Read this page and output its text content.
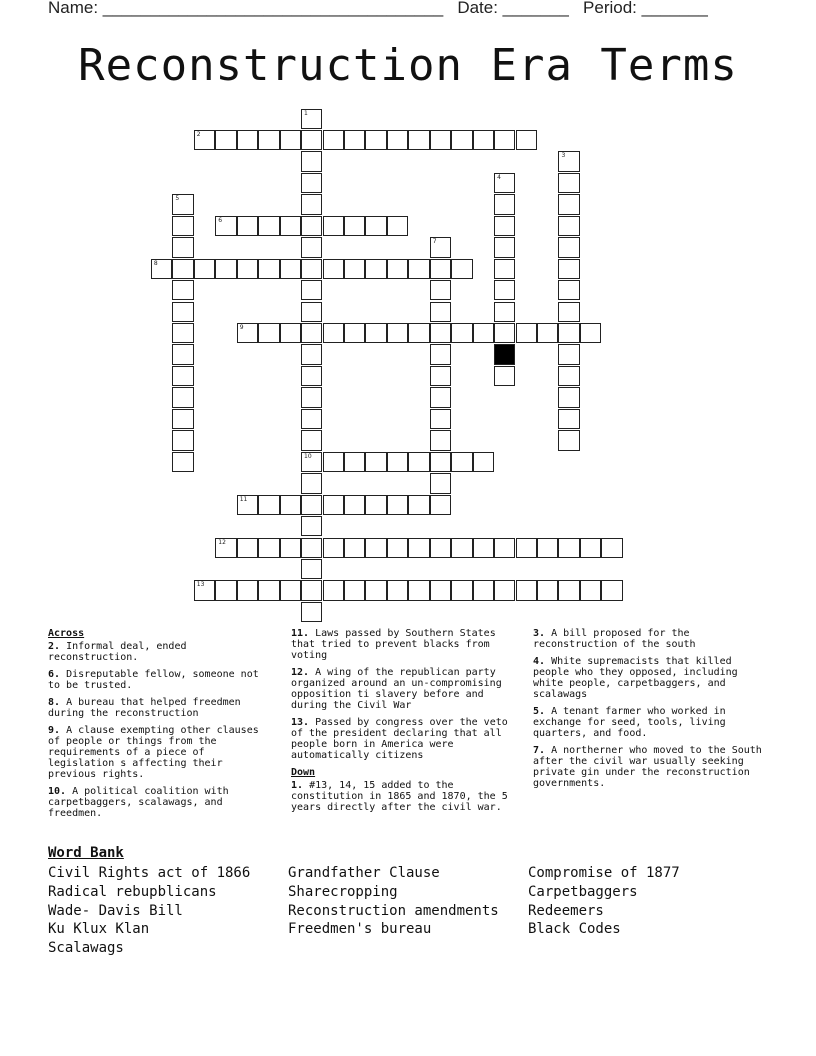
Name: ____________________________________   Date: _______   Period: _______
Reconstruction Era Terms
1
10
2
3
4
5
6
7
8
9
11
12
13
Across
2. Informal deal, ended reconstruction.
6. Disreputable fellow, someone not to be trusted.
8. A bureau that helped freedmen during the reconstruction
9. A clause exempting other clauses of people or things from the requirements of a piece of legislation s affecting their previous rights.
10. A political coalition with carpetbaggers, scalawags, and freedmen.
11. Laws passed by Southern States that tried to prevent blacks from voting
12. A wing of the republican party organized around an un-compromising opposition ti slavery before and during the Civil War
13. Passed by congress over the veto of the president declaring that all people born in America were automatically citizens
Down
1. #13, 14, 15 added to the constitution in 1865 and 1870, the 5 years directly after the civil war.
3. A bill proposed for the reconstruction of the south
4. White supremacists that killed people who they opposed, including white people, carpetbaggers, and scalawags
5. A tenant farmer who worked in exchange for seed, tools, living quarters, and food.
7. A northerner who moved to the South after the civil war usually seeking private gin under the reconstruction governments.
Word Bank
Civil Rights act of 1866
Radical rebupblicans
Wade- Davis Bill
Ku Klux Klan
Scalawags
Grandfather Clause
Sharecropping
Reconstruction amendments
Freedmen's bureau
Compromise of 1877
Carpetbaggers
Redeemers
Black Codes
